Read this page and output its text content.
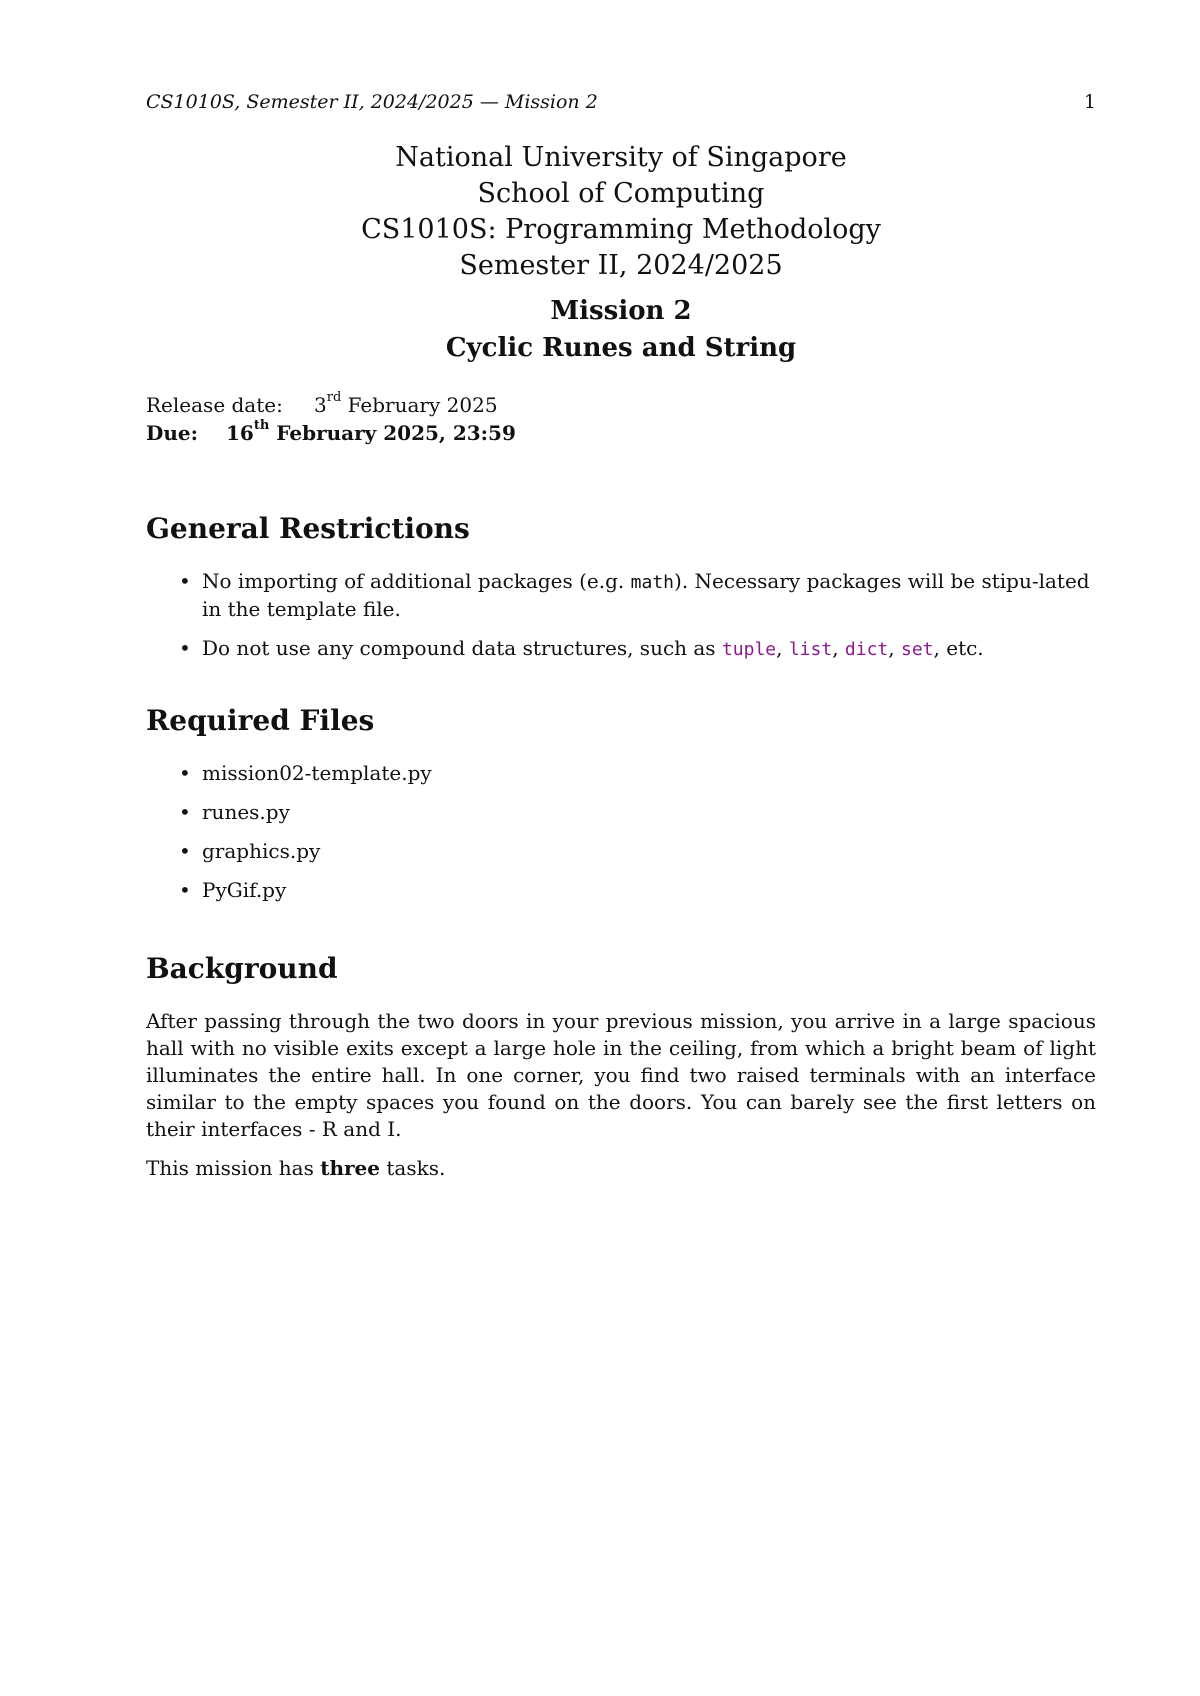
CS1010S, Semester II, 2024/2025 — Mission 2	1
National University of Singapore
School of Computing
CS1010S: Programming Methodology
Semester II, 2024/2025
Mission 2
Cyclic Runes and String
Release date: 3rd February 2025
Due: 16th February 2025, 23:59
General Restrictions
• No importing of additional packages (e.g. math). Necessary packages will be stipu-lated in the template file.
• Do not use any compound data structures, such as tuple, list, dict, set, etc.
Required Files
• mission02-template.py
• runes.py
• graphics.py
• PyGif.py
Background

After passing through the two doors in your previous mission, you arrive in a large spacious hall with no visible exits except a large hole in the ceiling, from which a bright beam of light illuminates the entire hall. In one corner, you find two raised terminals with an interface similar to the empty spaces you found on the doors. You can barely see the first letters on their interfaces - R and I.

This mission has three tasks.
